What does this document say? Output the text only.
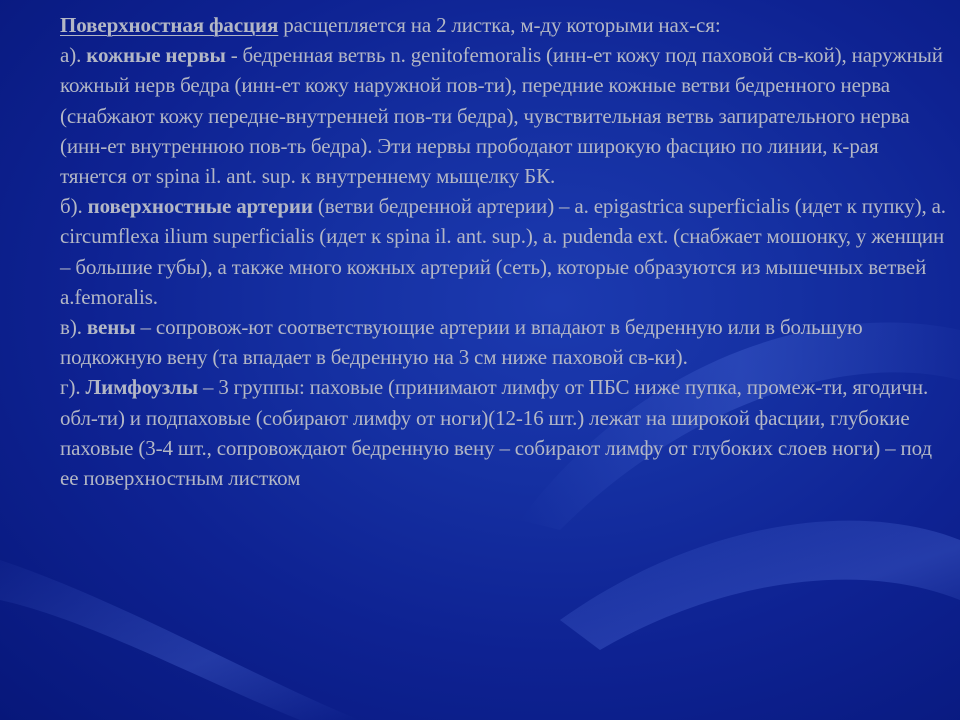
Поверхностная фасция расщепляется на 2 листка, м-ду которыми нах-ся:

а). кожные нервы - бедренная ветвь n. genitofemoralis (инн-ет кожу под паховой св-кой), наружный кожный нерв бедра (инн-ет кожу наружной пов-ти), передние кожные ветви бедренного нерва (снабжают кожу передне-внутренней пов-ти бедра), чувствительная ветвь запирательного нерва (инн-ет внутреннюю пов-ть бедра). Эти нервы прободают широкую фасцию по линии, к-рая тянется от spina il. ant. sup. к внутреннему мыщелку БК.

б). поверхностные артерии (ветви бедренной артерии) – a. epigastrica superficialis (идет к пупку), a. circumflexa ilium superficialis (идет к spina il. ant. sup.), a. pudenda ext. (снабжает мошонку, у женщин – большие губы), а также много кожных артерий (сеть), которые образуются из мышечных ветвей a.femoralis.

в). вены – сопровож-ют соответствующие артерии и впадают в бедренную или в большую подкожную вену (та впадает в бедренную на 3 см ниже паховой св-ки).

г). Лимфоузлы – 3 группы: паховые (принимают лимфу от ПБС ниже пупка, промеж-ти, ягодичн. обл-ти) и подпаховые (собирают лимфу от ноги)(12-16 шт.) лежат на широкой фасции, глубокие паховые (3-4 шт., сопровождают бедренную вену – собирают лимфу от глубоких слоев ноги) – под ее поверхностным листком
